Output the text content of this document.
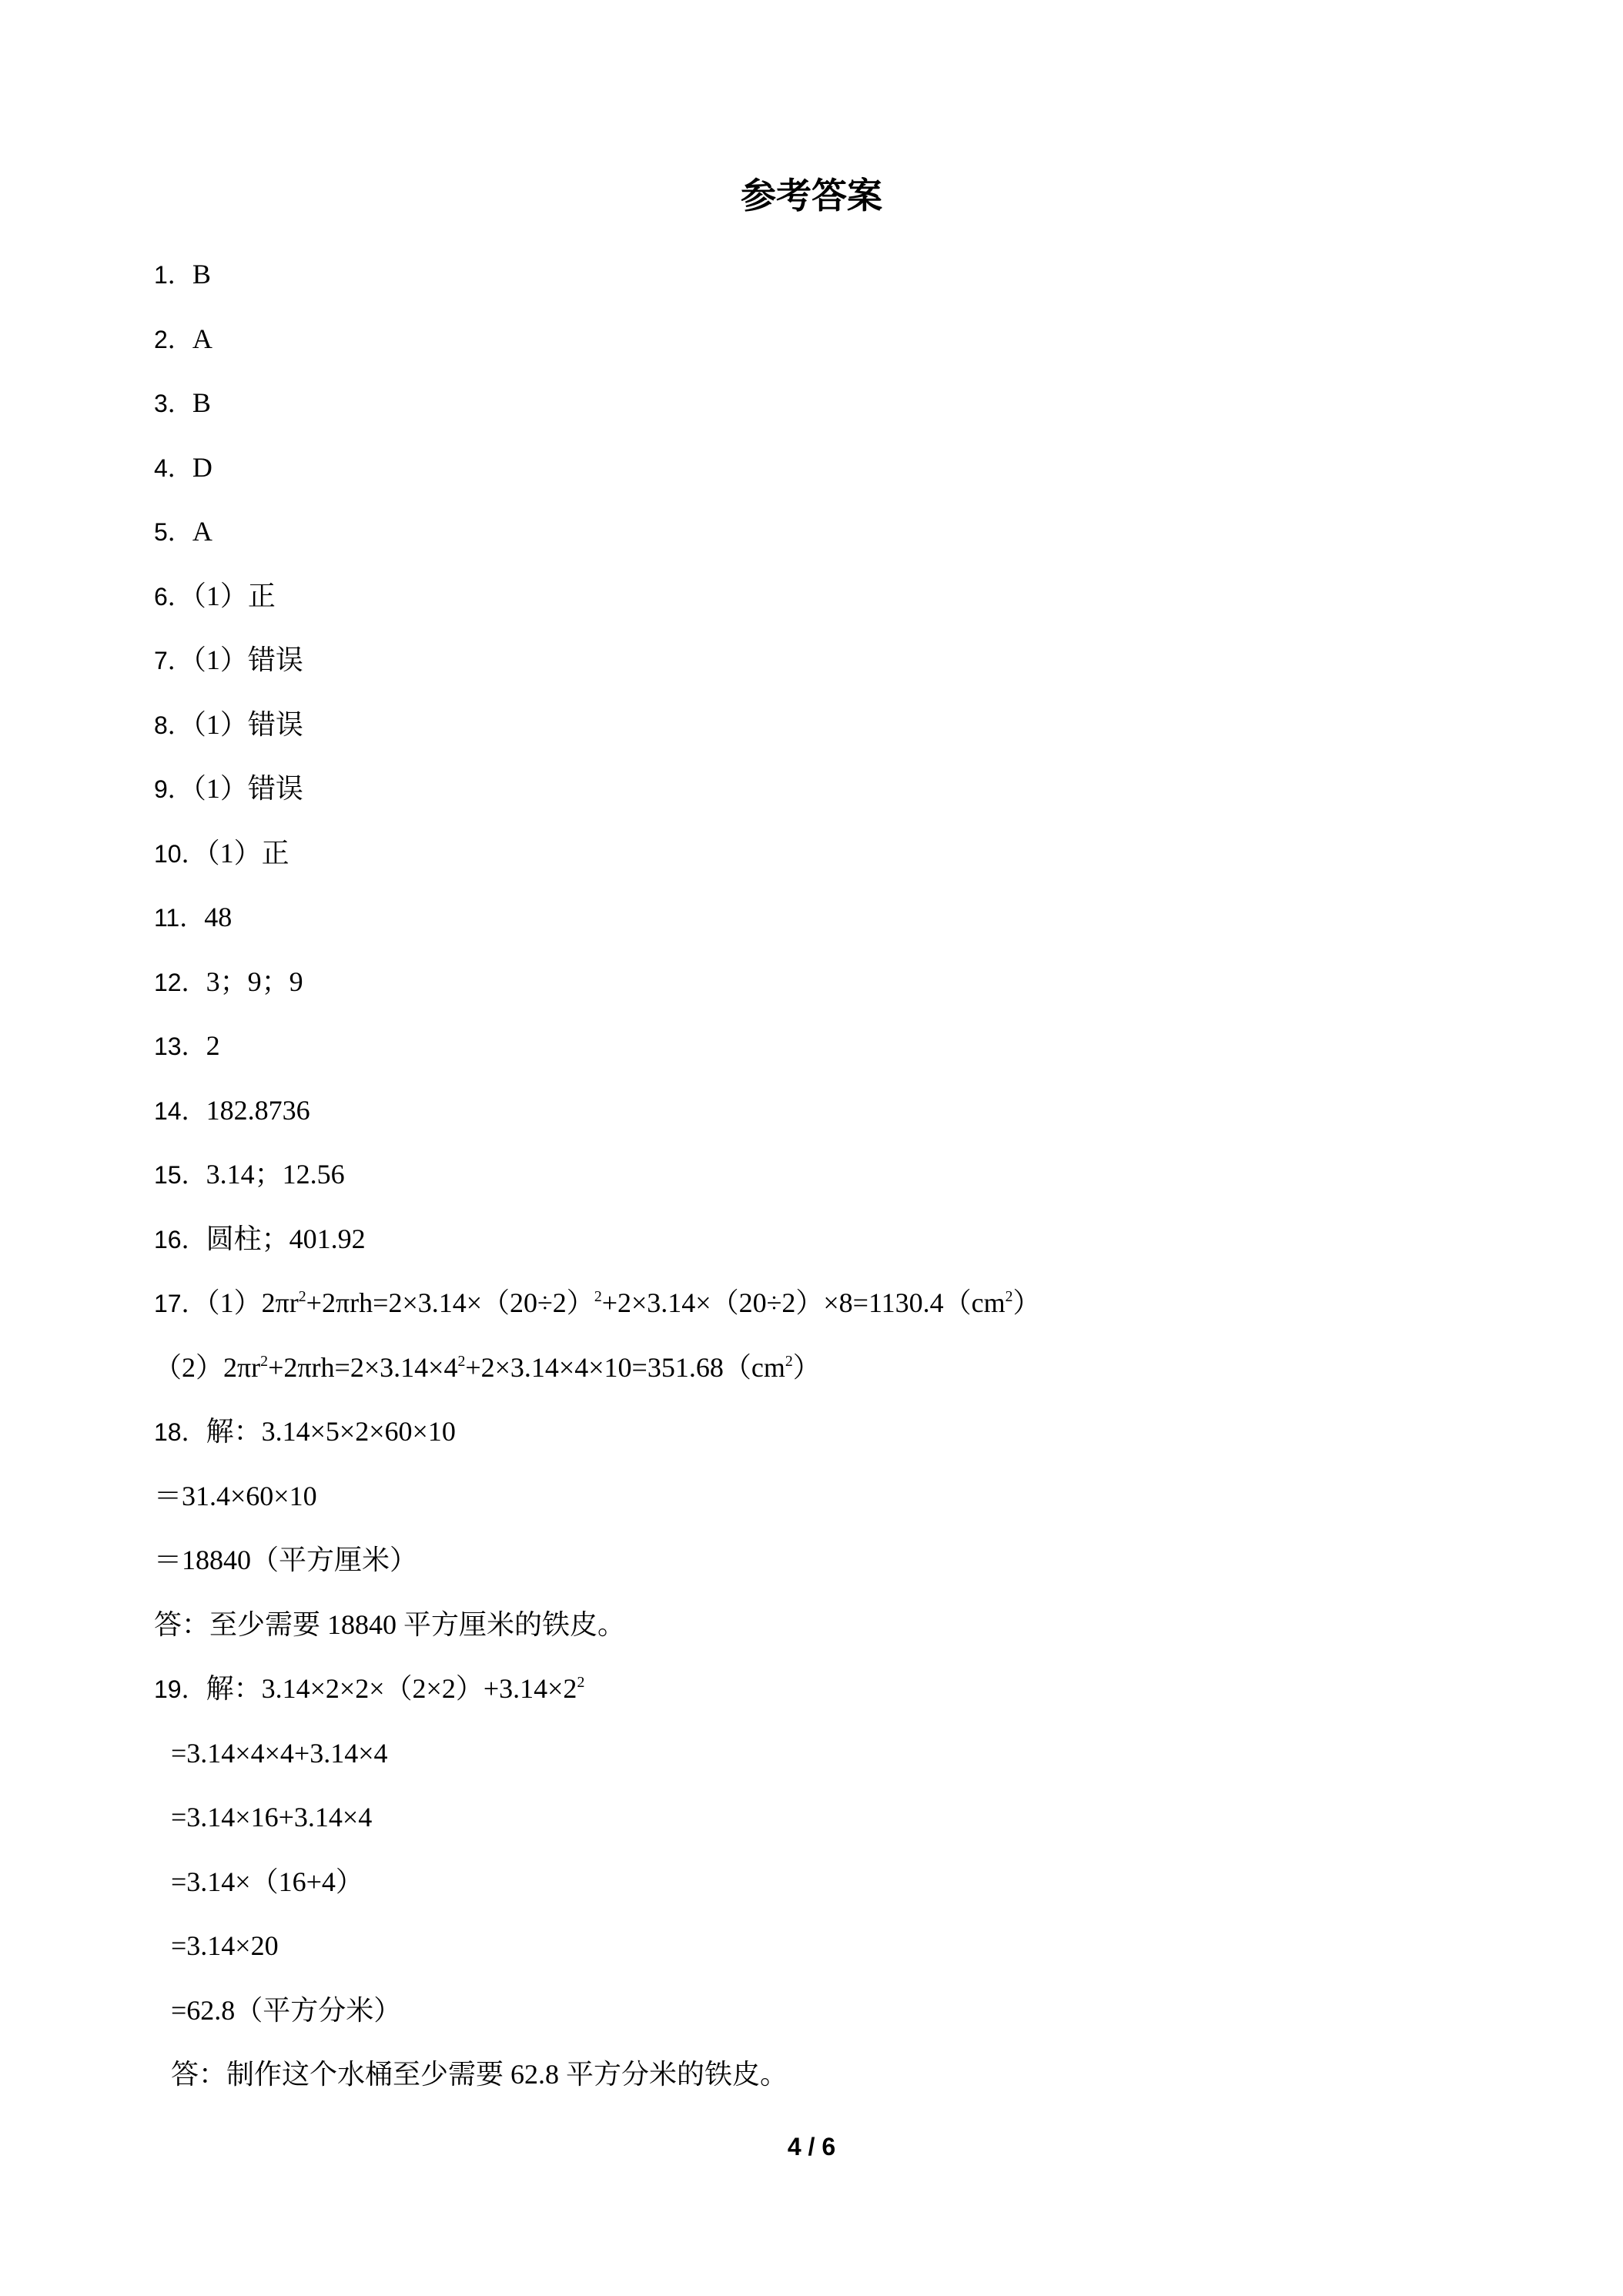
参考答案
1．B
2．A
3．B
4．D
5．A
6．（1）正
7．（1）错误
8．（1）错误
9．（1）错误
10．（1）正
11．48
12．3；9；9
13．2
14．182.8736
15．3.14；12.56
16．圆柱；401.92
17．$(1)2\pi r^2+2\pi rh=2\times 3.14\times(20\div 2)^2+2\times 3.14\times(20\div 2)\times 8=1130.4(cm^2)$
$(2)2\pi r^2+2\pi rh=2\times 3.14\times 4^2+2\times 3.14\times 4\times 10=351.68(cm^2)$
18．解：3.14×5×2×60×10
＝31.4×60×10
＝18840（平方厘米）
答：至少需要 18840 平方厘米的铁皮。
19．解：$3.14\times 2\times 2\times(2\times 2)+3.14\times 2^2$
=3.14×4×4+3.14×4
=3.14×16+3.14×4
=3.14×（16+4）
=3.14×20
=62.8（平方分米）
答：制作这个水桶至少需要 62.8 平方分米的铁皮。
4 / 6
